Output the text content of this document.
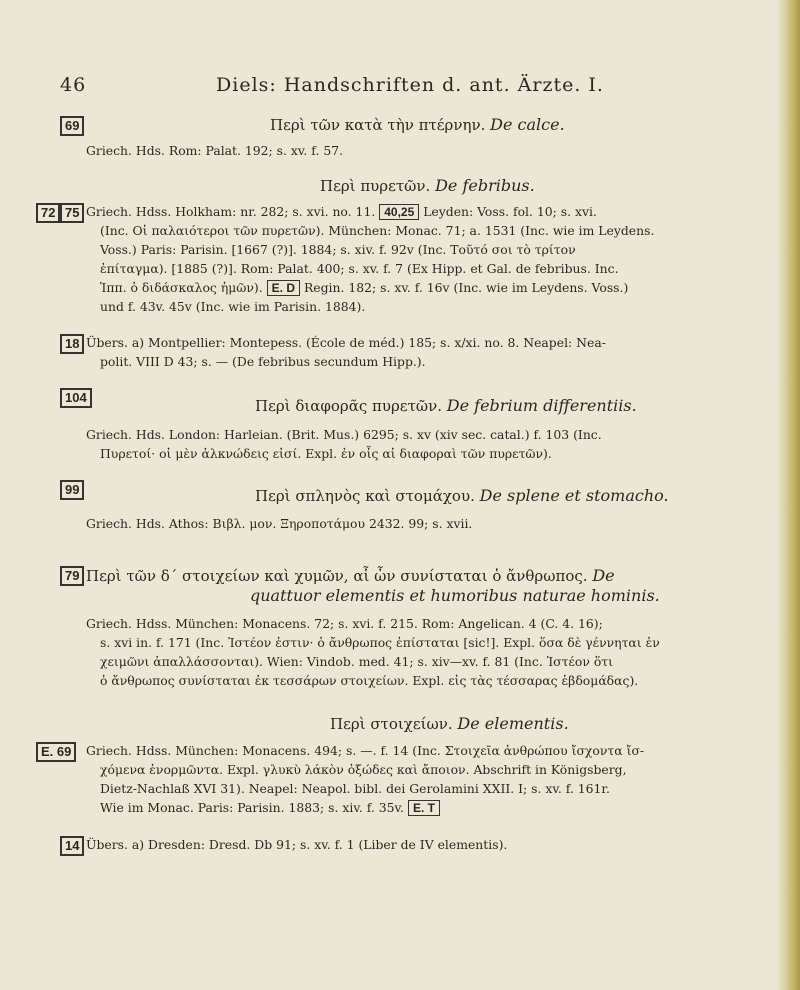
46	Diels: Handschriften d. ant. Ärzte. I.
69	Περὶ τῶν κατὰ τὴν πτέρνην. De calce.
Griech. Hds. Rom: Palat. 192; s. xv. f. 57.
Περὶ πυρετῶν. De febribus.
72 75 Griech. Hdss. Holkham: nr. 282; s. xvi. no. 11. 40,25 Leyden: Voss. fol. 10; s. xvi.
(Inc. Οἱ παλαιότεροι τῶν πυρετῶν). München: Monac. 71; a. 1531 (Inc. wie im Leydens.
Voss.) Paris: Parisin. [1667 (?)]. 1884; s. xiv. f. 92v (Inc. Τοῦτό σοι τὸ τρίτον
ἐπίταγμα). [1885 (?)]. Rom: Palat. 400; s. xv. f. 7 (Ex Hipp. et Gal. de febribus. Inc.
Ἱππ. ὁ διδάσκαλος ἡμῶν). E. D Regin. 182; s. xv. f. 16v (Inc. wie im Leydens. Voss.)
und f. 43v. 45v (Inc. wie im Parisin. 1884).
18 Übers. a) Montpellier: Montepess. (École de méd.) 185; s. x/xi. no. 8. Neapel: Nea-
polit. VIII D 43; s. — (De febribus secundum Hipp.).
104	Περὶ διαφορᾶς πυρετῶν. De febrium differentiis.
Griech. Hds. London: Harleian. (Brit. Mus.) 6295; s. xv (xiv sec. catal.) f. 103 (Inc.
Πυρετοί· οἱ μὲν ἀλκνώδεις εἰσί. Expl. ἐν οἷς αἱ διαφοραὶ τῶν πυρετῶν).
99	Περὶ σπληνὸς καὶ στομάχου. De splene et stomacho.
Griech. Hds. Athos: Βιβλ. μον. Ξηροποτάμου 2432. 99; s. xvii.
79 Περὶ τῶν δ´ στοιχείων καὶ χυμῶν, αἷ ὧν συνίσταται ὁ ἄνθρωπος. De
quattuor elementis et humoribus naturae hominis.
Griech. Hdss. München: Monacens. 72; s. xvi. f. 215. Rom: Angelican. 4 (C. 4. 16);
s. xvi in. f. 171 (Inc. Ἰστέον ἐστιν· ὁ ἄνθρωπος ἐπίσταται [sic!]. Expl. ὅσα δὲ γέννηται ἐν
χειμῶνι ἀπαλλάσσονται). Wien: Vindob. med. 41; s. xiv—xv. f. 81 (Inc. Ἰστέον ὅτι
ὁ ἄνθρωπος συνίσταται ἐκ τεσσάρων στοιχείων. Expl. εἰς τὰς τέσσαρας ἑβδομάδας).
Περὶ στοιχείων. De elementis.
E. 69	Griech. Hdss. München: Monacens. 494; s. —. f. 14 (Inc. Στοιχεῖα ἀνθρώπου ἴσχοντα ἴσ-
χόμενα ἑνορμῶντα. Expl. γλυκὺ λάκὸν ὀξώδες καὶ ἄποιον. Abschrift in Königsberg,
Dietz-Nachlaß XVI 31). Neapel: Neapol. bibl. dei Gerolamini XXII. I; s. xv. f. 161r.
Wie im Monac. Paris: Parisin. 1883; s. xiv. f. 35v. E. T
14 Übers. a) Dresden: Dresd. Db 91; s. xv. f. 1 (Liber de IV elementis).
